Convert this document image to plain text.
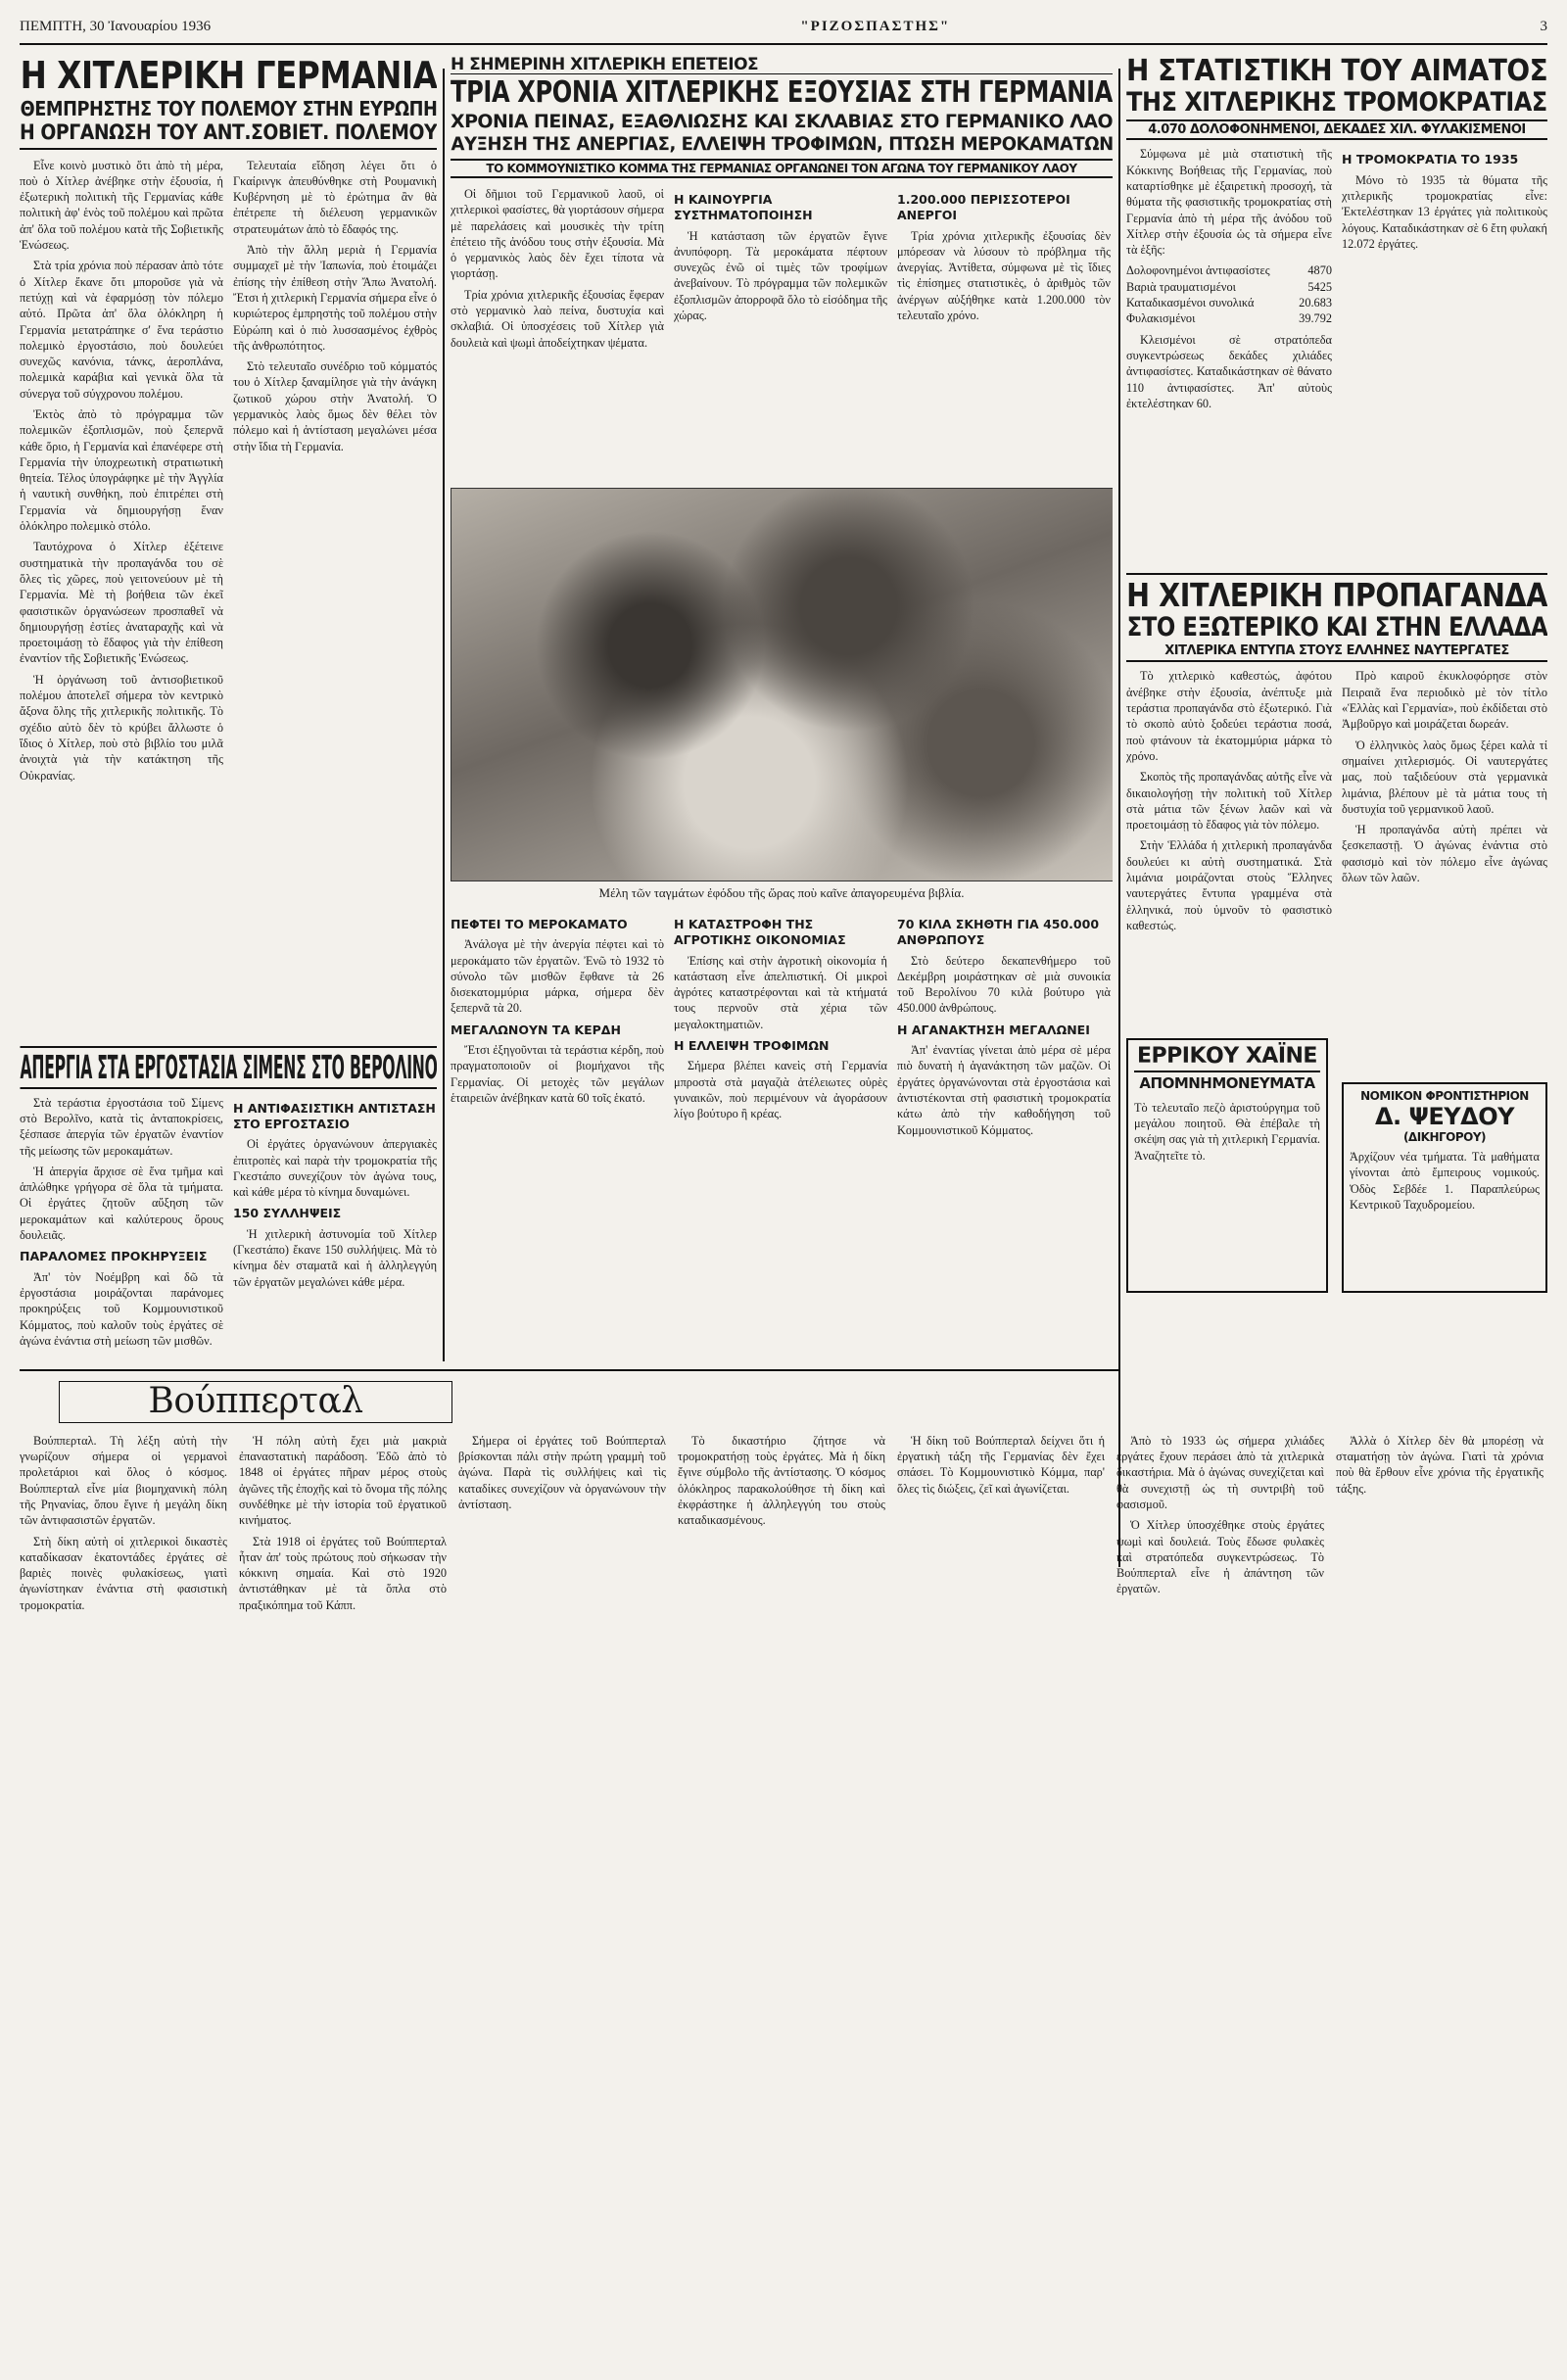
ΠΕΜΠΤΗ, 30 Ἰανουαρίου 1936	"ΡΙΖΟΣΠΑΣΤΗΣ"	3
Η ΧΙΤΛΕΡΙΚΗ ΓΕΡΜΑΝΙΑ
ΘΕΜΠΡΗΣΤΗΣ ΤΟΥ ΠΟΛΕΜΟΥ ΣΤΗΝ ΕΥΡΩΠΗ
Η ΟΡΓΑΝΩΣΗ ΤΟΥ ΑΝΤ.ΣΟΒΙΕΤ. ΠΟΛΕΜΟΥ

Εἶνε κοινὸ μυστικὸ ὅτι ἀπὸ τὴ μέρα, ποὺ ὁ Χίτλερ ἀνέβηκε στὴν ἐξουσία, ἡ ἐξωτερικὴ πολιτικὴ τῆς Γερμανίας κάθε πολιτικὴ ἀφ' ἑνὸς τοῦ πολέμου καὶ πρῶτα ἀπ' ὅλα τοῦ πολέμου κατὰ τῆς Σοβιετικῆς Ἑνώσεως.

Στὰ τρία χρόνια ποὺ πέρασαν ἀπὸ τότε ὁ Χίτλερ ἔκανε ὅτι μποροῦσε γιὰ νὰ πετύχῃ καὶ νὰ ἐφαρμόσῃ τὸν πόλεμο αὐτό. Πρῶτα ἀπ' ὅλα ὁλόκληρη ἡ Γερμανία μετατράπηκε σ' ἕνα τεράστιο πολεμικὸ ἐργοστάσιο, ποὺ δουλεύει συνεχῶς κανόνια, τάνκς, ἀεροπλάνα, πολεμικὰ καράβια καὶ γενικὰ ὅλα τὰ σύνεργα τοῦ σύγχρονου πολέμου.

Ἐκτὸς ἀπὸ τὸ πρόγραμμα τῶν πολεμικῶν ἐξοπλισμῶν, ποὺ ξεπερνᾶ κάθε ὅριο, ἡ Γερμανία καὶ ἐπανέφερε στὴ Γερμανία τὴν ὑποχρεωτικὴ στρατιωτικὴ θητεία. Τέλος ὑπογράφηκε μὲ τὴν Ἀγγλία ἡ ναυτικὴ συνθήκη, ποὺ ἐπιτρέπει στὴ Γερμανία νὰ δημιουργήσῃ ἕναν ὁλόκληρο πολεμικὸ στόλο.

Ταυτόχρονα ὁ Χίτλερ ἐξέτεινε συστηματικὰ τὴν προπαγάνδα του σὲ ὅλες τὶς χῶρες, ποὺ γειτονεύουν μὲ τὴ Γερμανία. Μὲ τὴ βοήθεια τῶν ἐκεῖ φασιστικῶν ὀργανώσεων προσπαθεῖ νὰ δημιουργήσῃ ἐστίες ἀναταραχῆς καὶ νὰ προετοιμάσῃ τὸ ἔδαφος γιὰ τὴν ἐπίθεση ἐναντίον τῆς Σοβιετικῆς Ἑνώσεως.

Ἡ ὀργάνωση τοῦ ἀντισοβιετικοῦ πολέμου ἀποτελεῖ σήμερα τὸν κεντρικὸ ἄξονα ὅλης τῆς χιτλερικῆς πολιτικῆς. Τὸ σχέδιο αὐτὸ δὲν τὸ κρύβει ἄλλωστε ὁ ἴδιος ὁ Χίτλερ, ποὺ στὸ βιβλίο του μιλᾶ ἀνοιχτὰ γιὰ τὴν κατάκτηση τῆς Οὐκρανίας.

Τελευταία εἴδηση λέγει ὅτι ὁ Γκαίρινγκ ἀπευθύνθηκε στὴ Ρουμανικὴ Κυβέρνηση μὲ τὸ ἐρώτημα ἂν θὰ ἐπέτρεπε τὴ διέλευση γερμανικῶν στρατευμάτων ἀπὸ τὸ ἔδαφός της.

Ἀπὸ τὴν ἄλλη μεριὰ ἡ Γερμανία συμμαχεῖ μὲ τὴν Ἰαπωνία, ποὺ ἑτοιμάζει ἐπίσης τὴν ἐπίθεση στὴν Ἄπω Ἀνατολή. Ἔτσι ἡ χιτλερικὴ Γερμανία σήμερα εἶνε ὁ κυριώτερος ἐμπρηστὴς τοῦ πολέμου στὴν Εὐρώπη καὶ ὁ πιὸ λυσσασμένος ἐχθρὸς τῆς ἀνθρωπότητος.

Στὸ τελευταῖο συνέδριο τοῦ κόμματός του ὁ Χίτλερ ξαναμίλησε γιὰ τὴν ἀνάγκη ζωτικοῦ χώρου στὴν Ἀνατολή. Ὁ γερμανικὸς λαὸς ὅμως δὲν θέλει τὸν πόλεμο καὶ ἡ ἀντίσταση μεγαλώνει μέσα στὴν ἴδια τὴ Γερμανία.

ΑΠΕΡΓΙΑ ΣΤΑ ΕΡΓΟΣΤΑΣΙΑ ΣΙΜΕΝΣ ΣΤΟ ΒΕΡΟΛΙΝΟ

Στὰ τεράστια ἐργοστάσια τοῦ Σίμενς στὸ Βερολῖνο, κατὰ τὶς ἀνταποκρίσεις, ξέσπασε ἀπεργία τῶν ἐργατῶν ἐναντίον τῆς μείωσης τῶν μεροκαμάτων.

Ἡ ἀπεργία ἄρχισε σὲ ἕνα τμῆμα καὶ ἁπλώθηκε γρήγορα σὲ ὅλα τὰ τμήματα. Οἱ ἐργάτες ζητοῦν αὔξηση τῶν μεροκαμάτων καὶ καλύτερους ὅρους δουλειᾶς.

ΠΑΡΑΛΟΜΕΣ ΠΡΟΚΗΡΥΞΕΙΣ

Ἀπ' τὸν Νοέμβρη καὶ δῶ τὰ ἐργοστάσια μοιράζονται παράνομες προκηρύξεις τοῦ Κομμουνιστικοῦ Κόμματος, ποὺ καλοῦν τοὺς ἐργάτες σὲ ἀγώνα ἐνάντια στὴ μείωση τῶν μισθῶν.

Η ΑΝΤΙΦΑΣΙΣΤΙΚΗ ΑΝΤΙΣΤΑΣΗ ΣΤΟ ΕΡΓΟΣΤΑΣΙΟ

Οἱ ἐργάτες ὀργανώνουν ἀπεργιακὲς ἐπιτροπὲς καὶ παρὰ τὴν τρομοκρατία τῆς Γκεστάπο συνεχίζουν τὸν ἀγώνα τους, καὶ κάθε μέρα τὸ κίνημα δυναμώνει.

150 ΣΥΛΛΗΨΕΙΣ

Ἡ χιτλερικὴ ἀστυνομία τοῦ Χίτλερ (Γκεστάπο) ἔκανε 150 συλλήψεις. Μὰ τὸ κίνημα δὲν σταματᾶ καὶ ἡ ἀλληλεγγύη τῶν ἐργατῶν μεγαλώνει κάθε μέρα.

Η ΣΗΜΕΡΙΝΗ ΧΙΤΛΕΡΙΚΗ ΕΠΕΤΕΙΟΣ
ΤΡΙΑ ΧΡΟΝΙΑ ΧΙΤΛΕΡΙΚΗΣ ΕΞΟΥΣΙΑΣ ΣΤΗ ΓΕΡΜΑΝΙΑ
ΧΡΟΝΙΑ ΠΕΙΝΑΣ, ΕΞΑΘΛΙΩΣΗΣ ΚΑΙ ΣΚΛΑΒΙΑΣ ΣΤΟ ΓΕΡΜΑΝΙΚΟ ΛΑΟ
ΑΥΞΗΣΗ ΤΗΣ ΑΝΕΡΓΙΑΣ, ΕΛΛΕΙΨΗ ΤΡΟΦΙΜΩΝ, ΠΤΩΣΗ ΜΕΡΟΚΑΜΑΤΩΝ
ΤΟ ΚΟΜΜΟΥΝΙΣΤΙΚΟ ΚΟΜΜΑ ΤΗΣ ΓΕΡΜΑΝΙΑΣ ΟΡΓΑΝΩΝΕΙ ΤΟΝ ΑΓΩΝΑ ΤΟΥ ΓΕΡΜΑΝΙΚΟΥ ΛΑΟΥ

Οἱ δῆμιοι τοῦ Γερμανικοῦ λαοῦ, οἱ χιτλερικοὶ φασίστες, θὰ γιορτάσουν σήμερα μὲ παρελάσεις καὶ μουσικὲς τὴν τρίτη ἐπέτειο τῆς ἀνόδου τους στὴν ἐξουσία. Μὰ ὁ γερμανικὸς λαὸς δὲν ἔχει τίποτα νὰ γιορτάσῃ.

Τρία χρόνια χιτλερικῆς ἐξουσίας ἔφεραν στὸ γερμανικὸ λαὸ πείνα, δυστυχία καὶ σκλαβιά. Οἱ ὑποσχέσεις τοῦ Χίτλερ γιὰ δουλειὰ καὶ ψωμὶ ἀποδείχτηκαν ψέματα.

Η ΚΑΙΝΟΥΡΓΙΑ ΣΥΣΤΗΜΑΤΟΠΟΙΗΣΗ

Ἡ κατάσταση τῶν ἐργατῶν ἔγινε ἀνυπόφορη. Τὰ μεροκάματα πέφτουν συνεχῶς ἐνῶ οἱ τιμὲς τῶν τροφίμων ἀνεβαίνουν. Τὸ πρόγραμμα τῶν πολεμικῶν ἐξοπλισμῶν ἀπορροφᾶ ὅλο τὸ εἰσόδημα τῆς χώρας.

1.200.000 ΠΕΡΙΣΣΟΤΕΡΟΙ ΑΝΕΡΓΟΙ

Τρία χρόνια χιτλερικῆς ἐξουσίας δὲν μπόρεσαν νὰ λύσουν τὸ πρόβλημα τῆς ἀνεργίας. Ἀντίθετα, σύμφωνα μὲ τὶς ἴδιες τὶς ἐπίσημες στατιστικὲς, ὁ ἀριθμὸς τῶν ἀνέργων αὐξήθηκε κατὰ 1.200.000 τὸν τελευταῖο χρόνο.

Μέλη τῶν ταγμάτων ἐφόδου τῆς ὥρας ποὺ καῖνε ἀπαγορευμένα βιβλία.
ΠΕΦΤΕΙ ΤΟ ΜΕΡΟΚΑΜΑΤΟ

Ἀνάλογα μὲ τὴν ἀνεργία πέφτει καὶ τὸ μεροκάματο τῶν ἐργατῶν. Ἐνῶ τὸ 1932 τὸ σύνολο τῶν μισθῶν ἔφθανε τὰ 26 δισεκατομμύρια μάρκα, σήμερα δὲν ξεπερνᾶ τὰ 20.

ΜΕΓΑΛΩΝΟΥΝ ΤΑ ΚΕΡΔΗ

Ἔτσι ἐξηγοῦνται τὰ τεράστια κέρδη, ποὺ πραγματοποιοῦν οἱ βιομήχανοι τῆς Γερμανίας. Οἱ μετοχὲς τῶν μεγάλων ἑταιρειῶν ἀνέβηκαν κατὰ 60 τοῖς ἑκατό.

Η ΚΑΤΑΣΤΡΟΦΗ ΤΗΣ ΑΓΡΟΤΙΚΗΣ ΟΙΚΟΝΟΜΙΑΣ

Ἐπίσης καὶ στὴν ἀγροτικὴ οἰκονομία ἡ κατάσταση εἶνε ἀπελπιστική. Οἱ μικροὶ ἀγρότες καταστρέφονται καὶ τὰ κτήματά τους περνοῦν στὰ χέρια τῶν μεγαλοκτηματιῶν.

Η ΕΛΛΕΙΨΗ ΤΡΟΦΙΜΩΝ

Σήμερα βλέπει κανεὶς στὴ Γερμανία μπροστὰ στὰ μαγαζιὰ ἀτέλειωτες οὐρὲς γυναικῶν, ποὺ περιμένουν νὰ ἀγοράσουν λίγο βούτυρο ἢ κρέας.

70 ΚΙΛΑ ΣΚΗΘΤΗ ΓΙΑ 450.000 ΑΝΘΡΩΠΟΥΣ

Στὸ δεύτερο δεκαπενθήμερο τοῦ Δεκέμβρη μοιράστηκαν σὲ μιὰ συνοικία τοῦ Βερολίνου 70 κιλὰ βούτυρο γιὰ 450.000 ἀνθρώπους.

Η ΑΓΑΝΑΚΤΗΣΗ ΜΕΓΑΛΩΝΕΙ

Ἀπ' ἐναντίας γίνεται ἀπὸ μέρα σὲ μέρα πιὸ δυνατὴ ἡ ἀγανάκτηση τῶν μαζῶν. Οἱ ἐργάτες ὀργανώνονται στὰ ἐργοστάσια καὶ ἀντιστέκονται στὴ φασιστικὴ τρομοκρατία κάτω ἀπὸ τὴν καθοδήγηση τοῦ Κομμουνιστικοῦ Κόμματος.

Η ΣΤΑΤΙΣΤΙΚΗ ΤΟΥ ΑΙΜΑΤΟΣ
ΤΗΣ ΧΙΤΛΕΡΙΚΗΣ ΤΡΟΜΟΚΡΑΤΙΑΣ
4.070 ΔΟΛΟΦΟΝΗΜΕΝΟΙ, ΔΕΚΑΔΕΣ ΧΙΛ. ΦΥΛΑΚΙΣΜΕΝΟΙ

Σύμφωνα μὲ μιὰ στατιστικὴ τῆς Κόκκινης Βοήθειας τῆς Γερμανίας, ποὺ καταρτίσθηκε μὲ ἐξαιρετικὴ προσοχή, τὰ θύματα τῆς φασιστικῆς τρομοκρατίας στὴ Γερμανία ἀπὸ τὴ μέρα τῆς ἀνόδου τοῦ Χίτλερ στὴν ἐξουσία ὡς τὰ σήμερα εἶνε τὰ ἑξῆς:

Δολοφονημένοι ἀντιφασίστες	4870
Βαριὰ τραυματισμένοι	5425
Καταδικασμένοι συνολικά	20.683
Φυλακισμένοι	39.792

Κλεισμένοι σὲ στρατόπεδα συγκεντρώσεως δεκάδες χιλιάδες ἀντιφασίστες. Καταδικάστηκαν σὲ θάνατο 110 ἀντιφασίστες. Ἀπ' αὐτοὺς ἐκτελέστηκαν 60.

Η ΤΡΟΜΟΚΡΑΤΙΑ ΤΟ 1935

Μόνο τὸ 1935 τὰ θύματα τῆς χιτλερικῆς τρομοκρατίας εἶνε: Ἐκτελέστηκαν 13 ἐργάτες γιὰ πολιτικοὺς λόγους. Καταδικάστηκαν σὲ 6 ἔτη φυλακή 12.072 ἐργάτες.

Η ΧΙΤΛΕΡΙΚΗ ΠΡΟΠΑΓΑΝΔΑ
ΣΤΟ ΕΞΩΤΕΡΙΚΟ ΚΑΙ ΣΤΗΝ ΕΛΛΑΔΑ
ΧΙΤΛΕΡΙΚΑ ΕΝΤΥΠΑ ΣΤΟΥΣ ΕΛΛΗΝΕΣ ΝΑΥΤΕΡΓΑΤΕΣ

Τὸ χιτλερικὸ καθεστώς, ἀφότου ἀνέβηκε στὴν ἐξουσία, ἀνέπτυξε μιὰ τεράστια προπαγάνδα στὸ ἐξωτερικό. Γιὰ τὸ σκοπὸ αὐτὸ ξοδεύει τεράστια ποσά, ποὺ φτάνουν τὰ ἑκατομμύρια μάρκα τὸ χρόνο.

Σκοπὸς τῆς προπαγάνδας αὐτῆς εἶνε νὰ δικαιολογήσῃ τὴν πολιτικὴ τοῦ Χίτλερ στὰ μάτια τῶν ξένων λαῶν καὶ νὰ προετοιμάσῃ τὸ ἔδαφος γιὰ τὸν πόλεμο.

Στὴν Ἑλλάδα ἡ χιτλερικὴ προπαγάνδα δουλεύει κι αὐτὴ συστηματικά. Στὰ λιμάνια μοιράζονται στοὺς Ἕλληνες ναυτεργάτες ἔντυπα γραμμένα στὰ ἑλληνικά, ποὺ ὑμνοῦν τὸ φασιστικὸ καθεστώς.

Πρὸ καιροῦ ἐκυκλοφόρησε στὸν Πειραιᾶ ἕνα περιοδικὸ μὲ τὸν τίτλο «Ἑλλὰς καὶ Γερμανία», ποὺ ἐκδίδεται στὸ Ἀμβοῦργο καὶ μοιράζεται δωρεάν.

Ὁ ἑλληνικὸς λαὸς ὅμως ξέρει καλὰ τί σημαίνει χιτλερισμός. Οἱ ναυτεργάτες μας, ποὺ ταξιδεύουν στὰ γερμανικὰ λιμάνια, βλέπουν μὲ τὰ μάτια τους τὴ δυστυχία τοῦ γερμανικοῦ λαοῦ.

Ἡ προπαγάνδα αὐτὴ πρέπει νὰ ξεσκεπαστῇ. Ὁ ἀγώνας ἐνάντια στὸ φασισμὸ καὶ τὸν πόλεμο εἶνε ἀγώνας ὅλων τῶν λαῶν.

ΕΡΡΙΚΟΥ ΧΑΪΝΕ
ΑΠΟΜΝΗΜΟΝΕΥΜΑΤΑ

Τὸ τελευταῖο πεζὸ ἀριστούργημα τοῦ μεγάλου ποιητοῦ. Θὰ ἐπέβαλε τὴ σκέψη σας γιὰ τὴ χιτλερικὴ Γερμανία. Ἀναζητεῖτε τὸ.

ΝΟΜΙΚΟΝ ΦΡΟΝΤΙΣΤΗΡΙΟΝ
Δ. ΨΕΥΔΟΥ
(ΔΙΚΗΓΟΡΟΥ)

Ἀρχίζουν νέα τμήματα. Τὰ μαθήματα γίνονται ἀπὸ ἔμπειρους νομικούς. Ὁδὸς Σεβδέε 1. Παραπλεύρως Κεντρικοῦ Ταχυδρομείου.

Βούππερταλ

Βούππερταλ. Τὴ λέξη αὐτὴ τὴν γνωρίζουν σήμερα οἱ γερμανοὶ προλετάριοι καὶ ὅλος ὁ κόσμος. Βούππερταλ εἶνε μία βιομηχανικὴ πόλη τῆς Ρηνανίας, ὅπου ἔγινε ἡ μεγάλη δίκη τῶν ἀντιφασιστῶν ἐργατῶν.

Στὴ δίκη αὐτὴ οἱ χιτλερικοὶ δικαστὲς καταδίκασαν ἑκατοντάδες ἐργάτες σὲ βαριὲς ποινὲς φυλακίσεως, γιατὶ ἀγωνίστηκαν ἐνάντια στὴ φασιστικὴ τρομοκρατία.

Ἡ πόλη αὐτὴ ἔχει μιὰ μακριὰ ἐπαναστατικὴ παράδοση. Ἐδῶ ἀπὸ τὸ 1848 οἱ ἐργάτες πῆραν μέρος στοὺς ἀγῶνες τῆς ἐποχῆς καὶ τὸ ὄνομα τῆς πόλης συνδέθηκε μὲ τὴν ἱστορία τοῦ ἐργατικοῦ κινήματος.

Στὰ 1918 οἱ ἐργάτες τοῦ Βούππερταλ ἦταν ἀπ' τοὺς πρώτους ποὺ σήκωσαν τὴν κόκκινη σημαία. Καὶ στὸ 1920 ἀντιστάθηκαν μὲ τὰ ὅπλα στὸ πραξικόπημα τοῦ Κάππ.

Σήμερα οἱ ἐργάτες τοῦ Βούππερταλ βρίσκονται πάλι στὴν πρώτη γραμμὴ τοῦ ἀγώνα. Παρὰ τὶς συλλήψεις καὶ τὶς καταδίκες συνεχίζουν νὰ ὀργανώνουν τὴν ἀντίσταση.

Τὸ δικαστήριο ζήτησε νὰ τρομοκρατήσῃ τοὺς ἐργάτες. Μὰ ἡ δίκη ἔγινε σύμβολο τῆς ἀντίστασης. Ὁ κόσμος ὁλόκληρος παρακολούθησε τὴ δίκη καὶ ἐκφράστηκε ἡ ἀλληλεγγύη του στοὺς καταδικασμένους.

Ἡ δίκη τοῦ Βούππερταλ δείχνει ὅτι ἡ ἐργατικὴ τάξη τῆς Γερμανίας δὲν ἔχει σπάσει. Τὸ Κομμουνιστικὸ Κόμμα, παρ' ὅλες τὶς διώξεις, ζεῖ καὶ ἀγωνίζεται.

Ἀπὸ τὸ 1933 ὡς σήμερα χιλιάδες ἐργάτες ἔχουν περάσει ἀπὸ τὰ χιτλερικὰ δικαστήρια. Μὰ ὁ ἀγώνας συνεχίζεται καὶ θὰ συνεχιστῇ ὡς τὴ συντριβὴ τοῦ φασισμοῦ.

Ὁ Χίτλερ ὑποσχέθηκε στοὺς ἐργάτες ψωμὶ καὶ δουλειά. Τοὺς ἔδωσε φυλακὲς καὶ στρατόπεδα συγκεντρώσεως. Τὸ Βούππερταλ εἶνε ἡ ἀπάντηση τῶν ἐργατῶν.

Ἀλλὰ ὁ Χίτλερ δὲν θὰ μπορέσῃ νὰ σταματήσῃ τὸν ἀγώνα. Γιατὶ τὰ χρόνια ποὺ θὰ ἔρθουν εἶνε χρόνια τῆς ἐργατικῆς τάξης.
